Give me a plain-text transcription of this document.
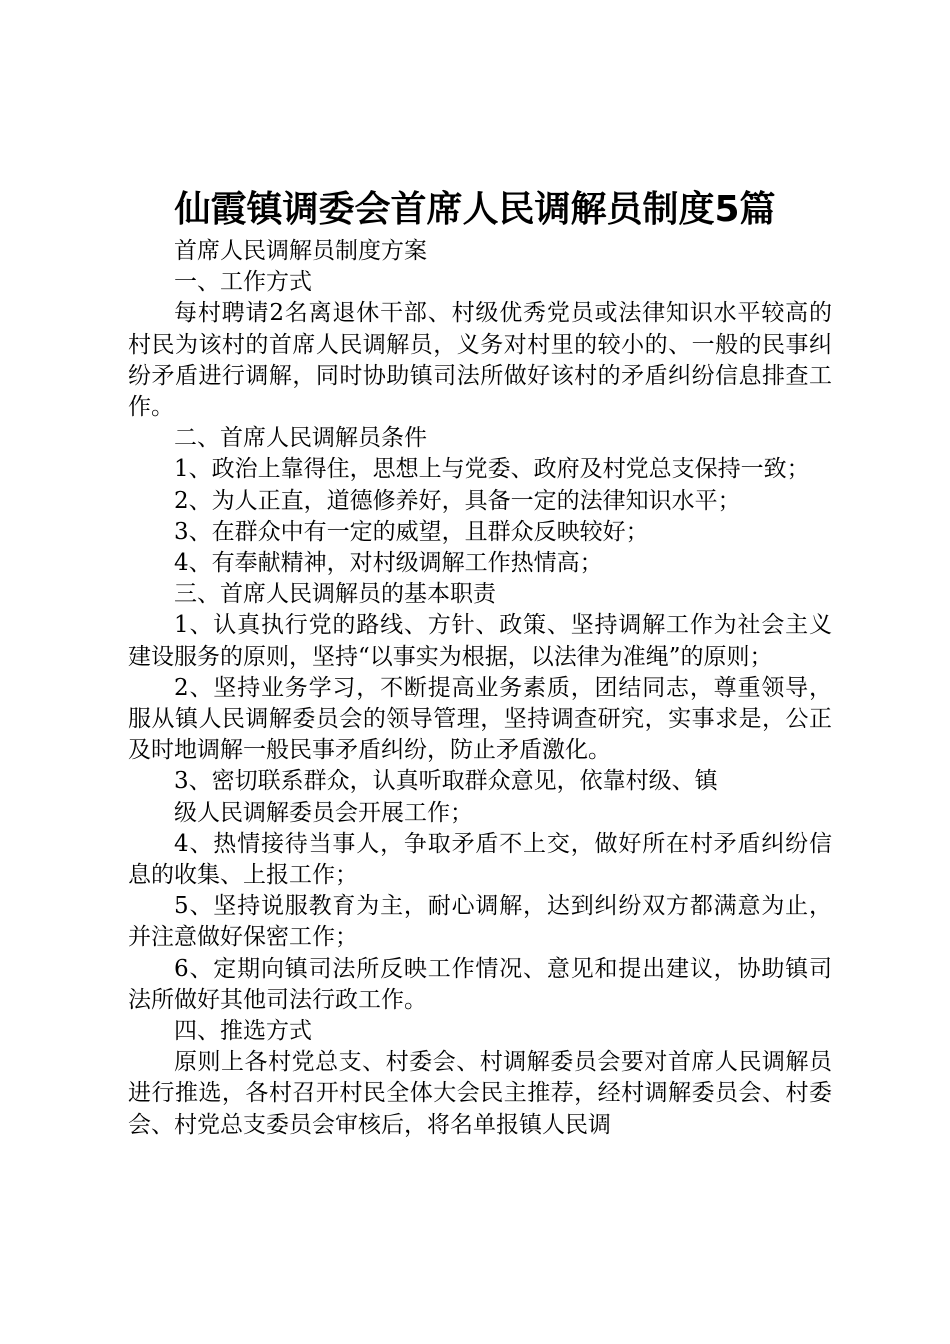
仙霞镇调委会首席人民调解员制度5篇

首席人民调解员制度方案

一、工作方式

每村聘请2名离退休干部、村级优秀党员或法律知识水平较高的村民为该村的首席人民调解员，义务对村里的较小的、一般的民事纠纷矛盾进行调解，同时协助镇司法所做好该村的矛盾纠纷信息排查工作。

二、首席人民调解员条件

1、政治上靠得住，思想上与党委、政府及村党总支保持一致；

2、为人正直，道德修养好，具备一定的法律知识水平；

3、在群众中有一定的威望，且群众反映较好；

4、有奉献精神，对村级调解工作热情高；

三、首席人民调解员的基本职责

1、认真执行党的路线、方针、政策、坚持调解工作为社会主义建设服务的原则，坚持“以事实为根据，以法律为准绳”的原则；

2、坚持业务学习，不断提高业务素质，团结同志，尊重领导，服从镇人民调解委员会的领导管理，坚持调查研究，实事求是，公正及时地调解一般民事矛盾纠纷，防止矛盾激化。

3、密切联系群众，认真听取群众意见，依靠村级、镇

级人民调解委员会开展工作；

4、热情接待当事人，争取矛盾不上交，做好所在村矛盾纠纷信息的收集、上报工作；

5、坚持说服教育为主，耐心调解，达到纠纷双方都满意为止，并注意做好保密工作；

6、定期向镇司法所反映工作情况、意见和提出建议，协助镇司法所做好其他司法行政工作。

四、推选方式

原则上各村党总支、村委会、村调解委员会要对首席人民调解员进行推选，各村召开村民全体大会民主推荐，经村调解委员会、村委会、村党总支委员会审核后，将名单报镇人民调
